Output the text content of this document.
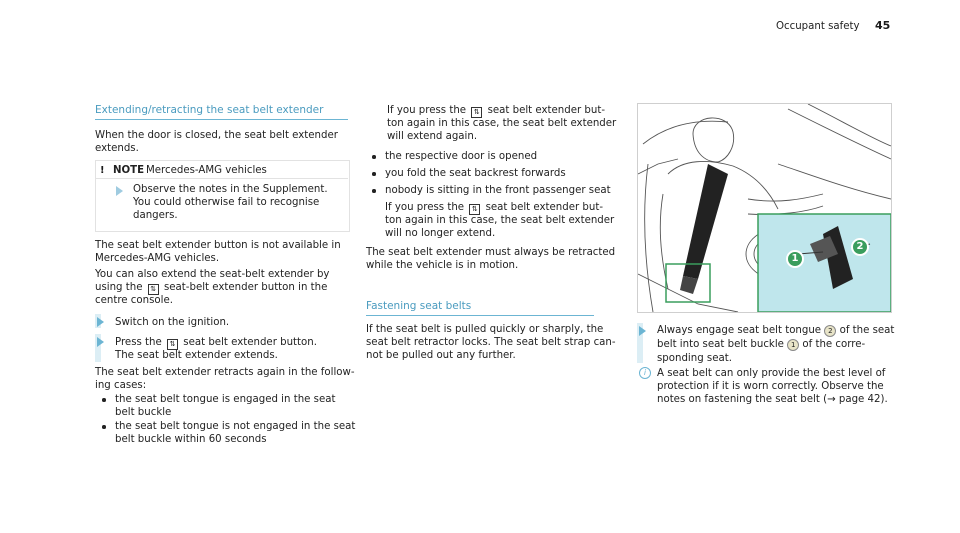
Occupant safety 45
Extending/retracting the seat belt extender
When the door is closed, the seat belt extender
extends.
! NOTE Mercedes-AMG vehicles
Observe the notes in the Supplement.
You could otherwise fail to recognise
dangers.
The seat belt extender button is not available in
Mercedes-AMG vehicles.
You can also extend the seat-belt extender by
using the ⇅ seat-belt extender button in the
centre console.
Switch on the ignition.
Press the ⇅ seat belt extender button.
The seat belt extender extends.
The seat belt extender retracts again in the follow-
ing cases:
the seat belt tongue is engaged in the seat
belt buckle
the seat belt tongue is not engaged in the seat
belt buckle within 60 seconds
If you press the ⇅ seat belt extender but-
ton again in this case, the seat belt extender
will extend again.
the respective door is opened
you fold the seat backrest forwards
nobody is sitting in the front passenger seat
If you press the ⇅ seat belt extender but-
ton again in this case, the seat belt extender
will no longer extend.
The seat belt extender must always be retracted
while the vehicle is in motion.
Fastening seat belts
If the seat belt is pulled quickly or sharply, the
seat belt retractor locks. The seat belt strap can-
not be pulled out any further.
1
2
Always engage seat belt tongue 2 of the seat
belt into seat belt buckle 1 of the corre-
sponding seat.
i	A seat belt can only provide the best level of
protection if it is worn correctly. Observe the
notes on fastening the seat belt (→ page 42).
